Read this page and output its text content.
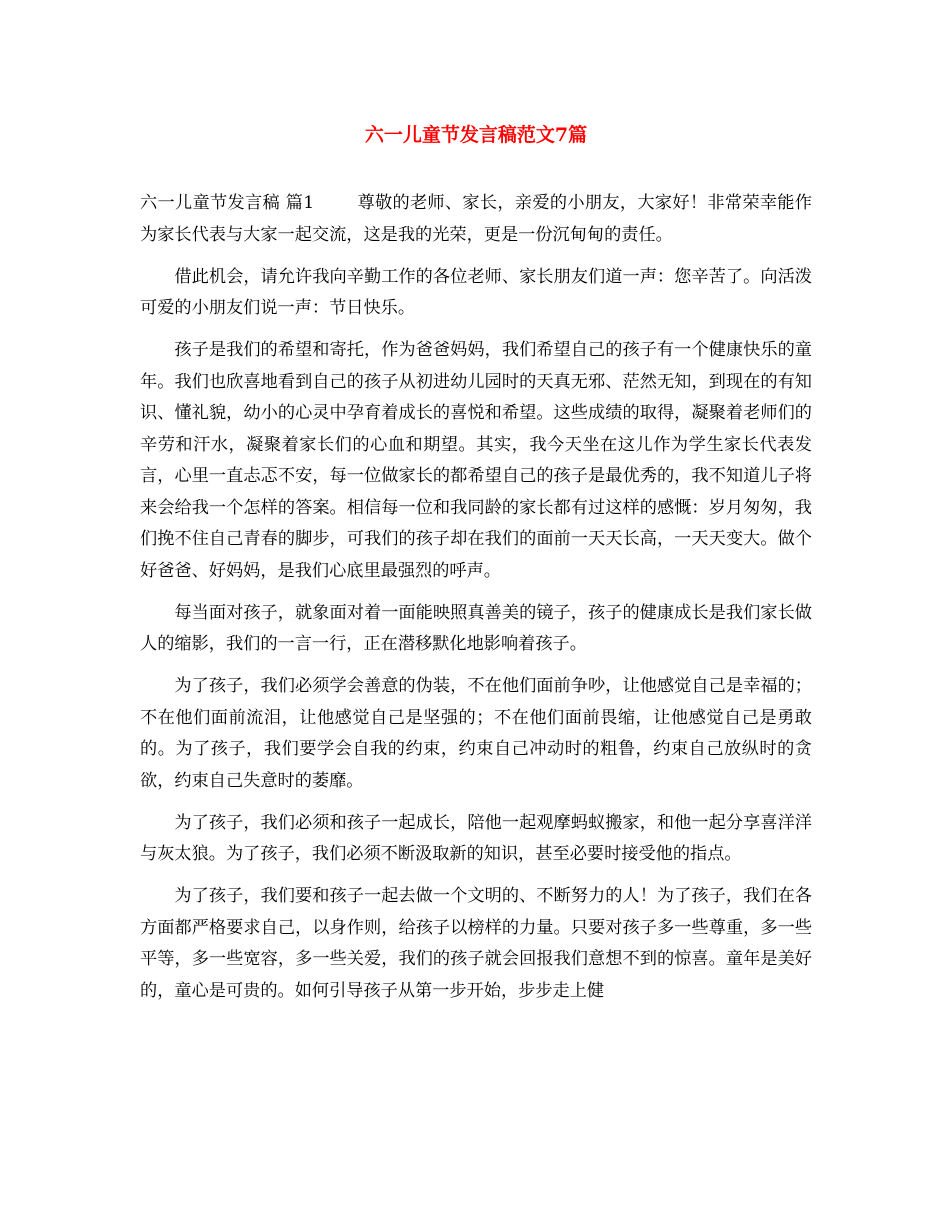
六一儿童节发言稿范文7篇

六一儿童节发言稿 篇1	尊敬的老师、家长，亲爱的小朋友，大家好！非常荣幸能作为家长代表与大家一起交流，这是我的光荣，更是一份沉甸甸的责任。

借此机会，请允许我向辛勤工作的各位老师、家长朋友们道一声：您辛苦了。向活泼可爱的小朋友们说一声：节日快乐。

孩子是我们的希望和寄托，作为爸爸妈妈，我们希望自己的孩子有一个健康快乐的童年。我们也欣喜地看到自己的孩子从初进幼儿园时的天真无邪、茫然无知，到现在的有知识、懂礼貌，幼小的心灵中孕育着成长的喜悦和希望。这些成绩的取得，凝聚着老师们的辛劳和汗水，凝聚着家长们的心血和期望。其实，我今天坐在这儿作为学生家长代表发言，心里一直忐忑不安，每一位做家长的都希望自己的孩子是最优秀的，我不知道儿子将来会给我一个怎样的答案。相信每一位和我同龄的家长都有过这样的感慨：岁月匆匆，我们挽不住自己青春的脚步，可我们的孩子却在我们的面前一天天长高，一天天变大。做个好爸爸、好妈妈，是我们心底里最强烈的呼声。

每当面对孩子，就象面对着一面能映照真善美的镜子，孩子的健康成长是我们家长做人的缩影，我们的一言一行，正在潜移默化地影响着孩子。

为了孩子，我们必须学会善意的伪装，不在他们面前争吵，让他感觉自己是幸福的；不在他们面前流泪，让他感觉自己是坚强的；不在他们面前畏缩，让他感觉自己是勇敢的。为了孩子，我们要学会自我的约束，约束自己冲动时的粗鲁，约束自己放纵时的贪欲，约束自己失意时的萎靡。

为了孩子，我们必须和孩子一起成长，陪他一起观摩蚂蚁搬家，和他一起分享喜洋洋与灰太狼。为了孩子，我们必须不断汲取新的知识，甚至必要时接受他的指点。

为了孩子，我们要和孩子一起去做一个文明的、不断努力的人！为了孩子，我们在各方面都严格要求自己，以身作则，给孩子以榜样的力量。只要对孩子多一些尊重，多一些平等，多一些宽容，多一些关爱，我们的孩子就会回报我们意想不到的惊喜。童年是美好的，童心是可贵的。如何引导孩子从第一步开始，步步走上健
